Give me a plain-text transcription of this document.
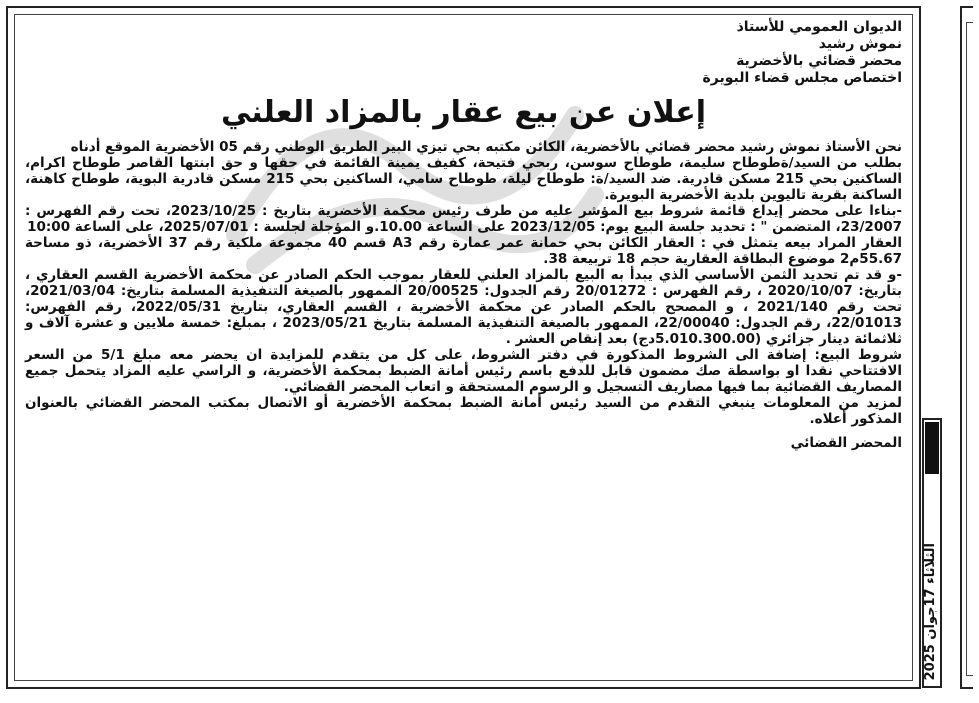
الديوان العمومي للأستاذ
نموش رشيد
محضر قضائي بالأخضرية
اختصاص مجلس قضاء البويرة
إعلان عن بيع عقار بالمزاد العلني
نحن الأستاذ نموش رشيد محضر قضائي بالأخضرية، الكائن مكتبه بحي تيزي البير الطريق الوطني رقم 05 الأخضرية الموقع أدناه
بطلب من السيد/ةطوطاح سليمة، طوطاح سوسن، ربحي فتيحة، كفيف يمينة القائمة في حقها و حق ابنتها القاصر طوطاح اكرام، الساكنين بحي 215 مسكن قادرية. ضد السيد/ة: طوطاح ليلة، طوطاح سامي، الساكنين بحي 215 مسكن قادرية البوية، طوطاح كاهنة، الساكنة بقرية تاليوين بلدية الأخضرية البويرة.
-بناءا على محضر إيداع قائمة شروط بيع المؤشر عليه من طرف رئيس محكمة الأخضرية بتاريخ : 2023/10/25، تحت رقم الفهرس : 23/2007، المتضمن " : تحديد جلسة البيع يوم: 2023/12/05 على الساعة 10.00.و المؤجلة لجلسة : 2025/07/01، على الساعة 10:00
العقار المراد بيعه يتمثل في : العقار الكائن بحي حمانة عمر عمارة رقم A3 قسم 40 مجموعة ملكية رقم 37 الأخضرية، ذو مساحة 55.67م2 موضوع البطاقة العقارية حجم 18 تربيعة 38.
-و قد تم تحديد الثمن الأساسي الذي يبدأ به البيع بالمزاد العلني للعقار بموجب الحكم الصادر عن محكمة الأخضرية القسم العقاري ، بتاريخ: 2020/10/07 ، رقم الفهرس : 20/01272 رقم الجدول: 20/00525 الممهور بالصيغة التنفيذية المسلمة بتاريخ: 2021/03/04، تحت رقم 2021/140 ، و المصحح بالحكم الصادر عن محكمة الأخضرية ، القسم العقاري، بتاريخ 2022/05/31، رقم الفهرس: 22/01013، رقم الجدول: 22/00040، الممهور بالصيغة التنفيذية المسلمة بتاريخ 2023/05/21 ، بمبلغ: خمسة ملايين و عشرة آلاف و ثلاثمائة دينار جزائري (5.010.300.00دج) بعد إنقاص العشر .
شروط البيع: إضافة الى الشروط المذكورة في دفتر الشروط، على كل من يتقدم للمزايدة ان يحضر معه مبلغ 5/1 من السعر الافتتاحي نقدا او بواسطة صك مضمون قابل للدفع باسم رئيس أمانة الضبط بمحكمة الأخضرية، و الراسي عليه المزاد يتحمل جميع المصاريف القضائية بما فيها مصاريف التسجيل و الرسوم المستحقة و اتعاب المحضر القضائي.
لمزيد من المعلومات ينبغي التقدم من السيد رئيس أمانة الضبط بمحكمة الأخضرية أو الاتصال بمكتب المحضر القضائي بالعنوان المذكور أعلاه.
المحضر القضائي
الثلاثاء 17جوان 2025
